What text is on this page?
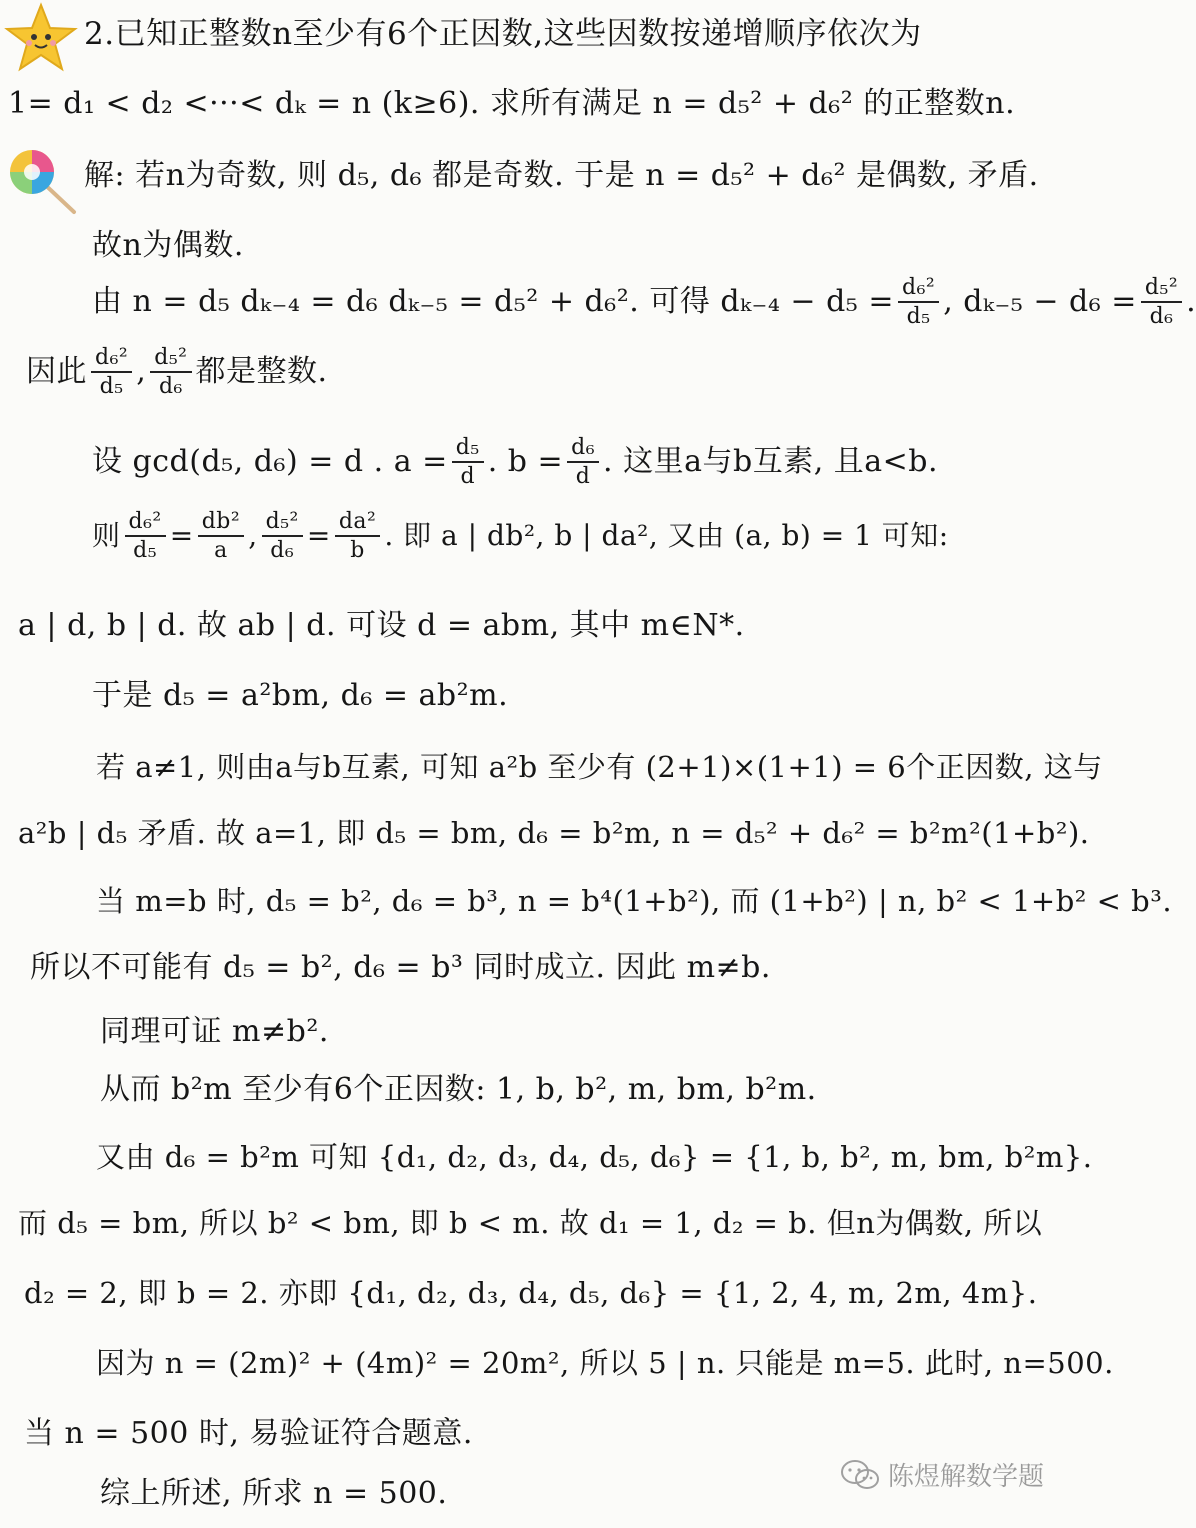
2.已知正整数n至少有6个正因数,这些因数按递增顺序依次为
1= d₁ < d₂ <···< dₖ = n (k≥6). 求所有满足 n = d₅² + d₆² 的正整数n.
解: 若n为奇数, 则 d₅, d₆ 都是奇数. 于是 n = d₅² + d₆² 是偶数, 矛盾.
故n为偶数.
由 n = d₅ dₖ₋₄ = d₆ dₖ₋₅ = d₅² + d₆². 可得 $d_{k-4} - d_5 = \frac{\text{d₆²}}{\text{d₅}}$ , $d_{k-5} - d_6 = \frac{\text{d₅²}}{\text{d₆}}$ .
因此 $\frac{\text{d₆²}}{\text{d₅}}$ , $\frac{\text{d₅²}}{\text{d₆}}$ 都是整数.
设 gcd(d₅, d₆) = d . $a = \frac{\text{d₅}}{d}$ . $b = \frac{\text{d₆}}{d}$ . 这里a与b互素, 且a<b.
则 $\frac{\text{d₆²}}{\text{d₅}} = \frac{\text{db²}}{a}$ , $\frac{\text{d₅²}}{\text{d₆}} = \frac{\text{da²}}{b}$ . 即 a | db², b | da², 又由 (a, b) = 1 可知:
a | d, b | d. 故 ab | d. 可设 d = abm, 其中 m∈N*.
于是 d₅ = a²bm, d₆ = ab²m.
若 a≠1, 则由a与b互素, 可知 a²b 至少有 (2+1)×(1+1) = 6个正因数, 这与
a²b | d₅ 矛盾. 故 a=1, 即 d₅ = bm, d₆ = b²m, n = d₅² + d₆² = b²m²(1+b²).
当 m=b 时, d₅ = b², d₆ = b³, n = b⁴(1+b²), 而 (1+b²) | n, b² < 1+b² < b³.
所以不可能有 d₅ = b², d₆ = b³ 同时成立. 因此 m≠b.
同理可证 m≠b².
从而 b²m 至少有6个正因数: 1, b, b², m, bm, b²m.
又由 d₆ = b²m 可知 {d₁, d₂, d₃, d₄, d₅, d₆} = {1, b, b², m, bm, b²m}.
而 d₅ = bm, 所以 b² < bm, 即 b < m. 故 d₁ = 1, d₂ = b. 但n为偶数, 所以
d₂ = 2, 即 b = 2. 亦即 {d₁, d₂, d₃, d₄, d₅, d₆} = {1, 2, 4, m, 2m, 4m}.
因为 n = (2m)² + (4m)² = 20m², 所以 5 | n. 只能是 m=5. 此时, n=500.
当 n = 500 时, 易验证符合题意.
综上所述, 所求 n = 500.	陈煜解数学题
